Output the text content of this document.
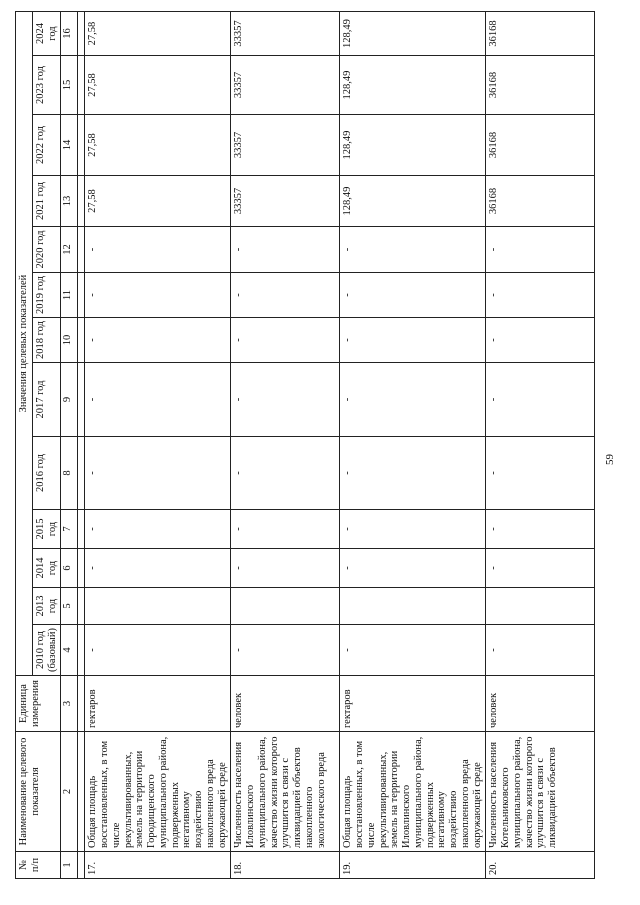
№ п/п	Наименование целевого показателя	Единица измерения	Значения целевых показателей												
			2010 год (базовый)	2013 год	2014 год	2015 год	2016 год	2017 год	2018 год	2019 год	2020 год	2021 год	2022 год	2023 год	2024 год
1	2	3	4	5	6	7	8	9	10	11	12	13	14	15	16

17.	Общая площадь восстановленных, в том числе рекультивированных, земель на территории Городищенского муниципального района, подверженных негативному воздействию накопленного вреда окружающей среде	гектаров	-		-	-	-	-	-	-	-	27,58	27,58	27,58	27,58
18.	Численность населения Иловлинского муниципального района, качество жизни которого улучшится в связи с ликвидацией объектов накопленного экологического вреда	человек	-		-	-	-	-	-	-	-	33357	33357	33357	33357
19.	Общая площадь восстановленных, в том числе рекультивированных, земель на территории Иловлинского муниципального района, подверженных негативному воздействию накопленного вреда окружающей среде	гектаров	-		-	-	-	-	-	-	-	128,49	128,49	128,49	128,49
20.	Численность населения Котельниковского муниципального района, качество жизни которого улучшится в связи с ликвидацией объектов	человек	-		-	-	-	-	-	-	-	36168	36168	36168	36168
59
